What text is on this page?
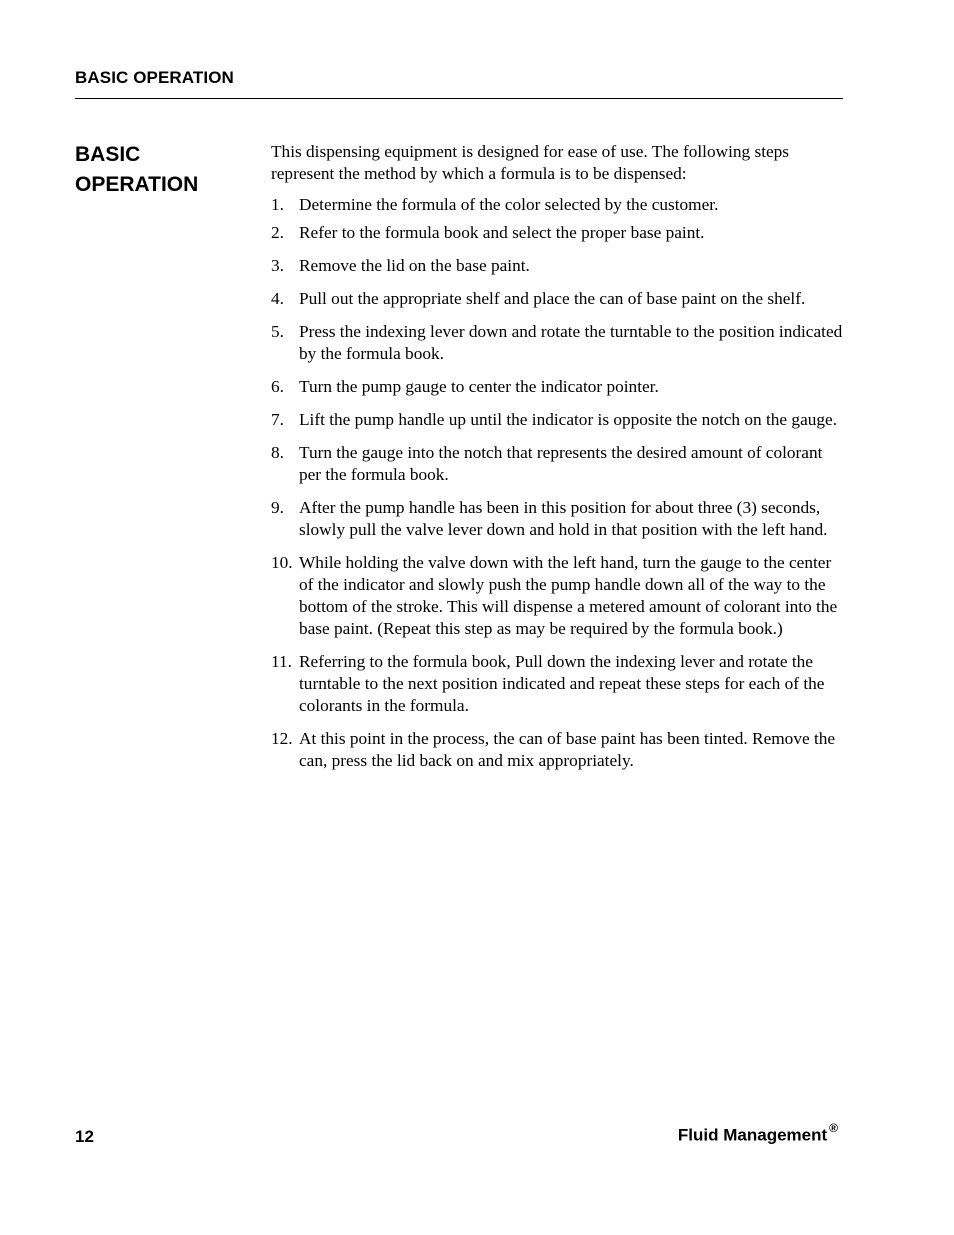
BASIC OPERATION
BASIC
OPERATION

This dispensing equipment is designed for ease of use. The following steps represent the method by which a formula is to be dispensed:

1. Determine the formula of the color selected by the customer.
2. Refer to the formula book and select the proper base paint.
3. Remove the lid on the base paint.
4. Pull out the appropriate shelf and place the can of base paint on the shelf.
5. Press the indexing lever down and rotate the turntable to the position indicated by the formula book.
6. Turn the pump gauge to center the indicator pointer.
7. Lift the pump handle up until the indicator is opposite the notch on the gauge.
8. Turn the gauge into the notch that represents the desired amount of colorant per the formula book.
9. After the pump handle has been in this position for about three (3) seconds, slowly pull the valve lever down and hold in that position with the left hand.
10. While holding the valve down with the left hand, turn the gauge to the center of the indicator and slowly push the pump handle down all of the way to the bottom of the stroke. This will dispense a metered amount of colorant into the base paint. (Repeat this step as may be required by the formula book.)
11. Referring to the formula book, Pull down the indexing lever and rotate the turntable to the next position indicated and repeat these steps for each of the colorants in the formula.
12. At this point in the process, the can of base paint has been tinted. Remove the can, press the lid back on and mix appropriately.
12	Fluid Management ®
